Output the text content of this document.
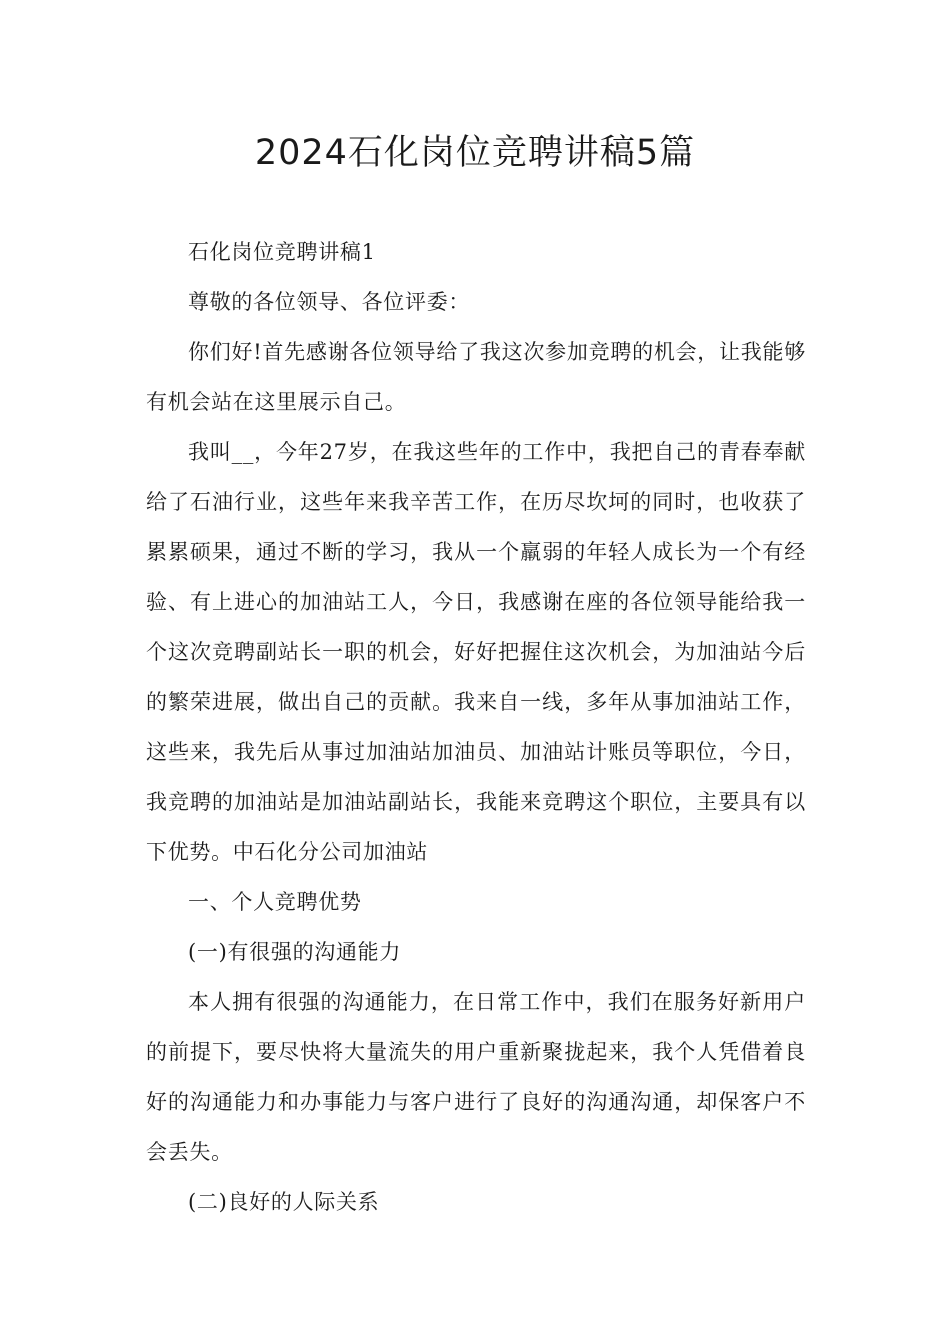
2024石化岗位竞聘讲稿5篇

石化岗位竞聘讲稿1

尊敬的各位领导、各位评委：

你们好!首先感谢各位领导给了我这次参加竞聘的机会，让我能够有机会站在这里展示自己。

我叫__，今年27岁，在我这些年的工作中，我把自己的青春奉献给了石油行业，这些年来我辛苦工作，在历尽坎坷的同时，也收获了累累硕果，通过不断的学习，我从一个羸弱的年轻人成长为一个有经验、有上进心的加油站工人，今日，我感谢在座的各位领导能给我一个这次竞聘副站长一职的机会，好好把握住这次机会，为加油站今后的繁荣进展，做出自己的贡献。我来自一线，多年从事加油站工作，这些来，我先后从事过加油站加油员、加油站计账员等职位，今日，我竞聘的加油站是加油站副站长，我能来竞聘这个职位，主要具有以下优势。中石化分公司加油站

一、个人竞聘优势

(一)有很强的沟通能力

本人拥有很强的沟通能力，在日常工作中，我们在服务好新用户的前提下，要尽快将大量流失的用户重新聚拢起来，我个人凭借着良好的沟通能力和办事能力与客户进行了良好的沟通沟通，却保客户不会丢失。

(二)良好的人际关系
